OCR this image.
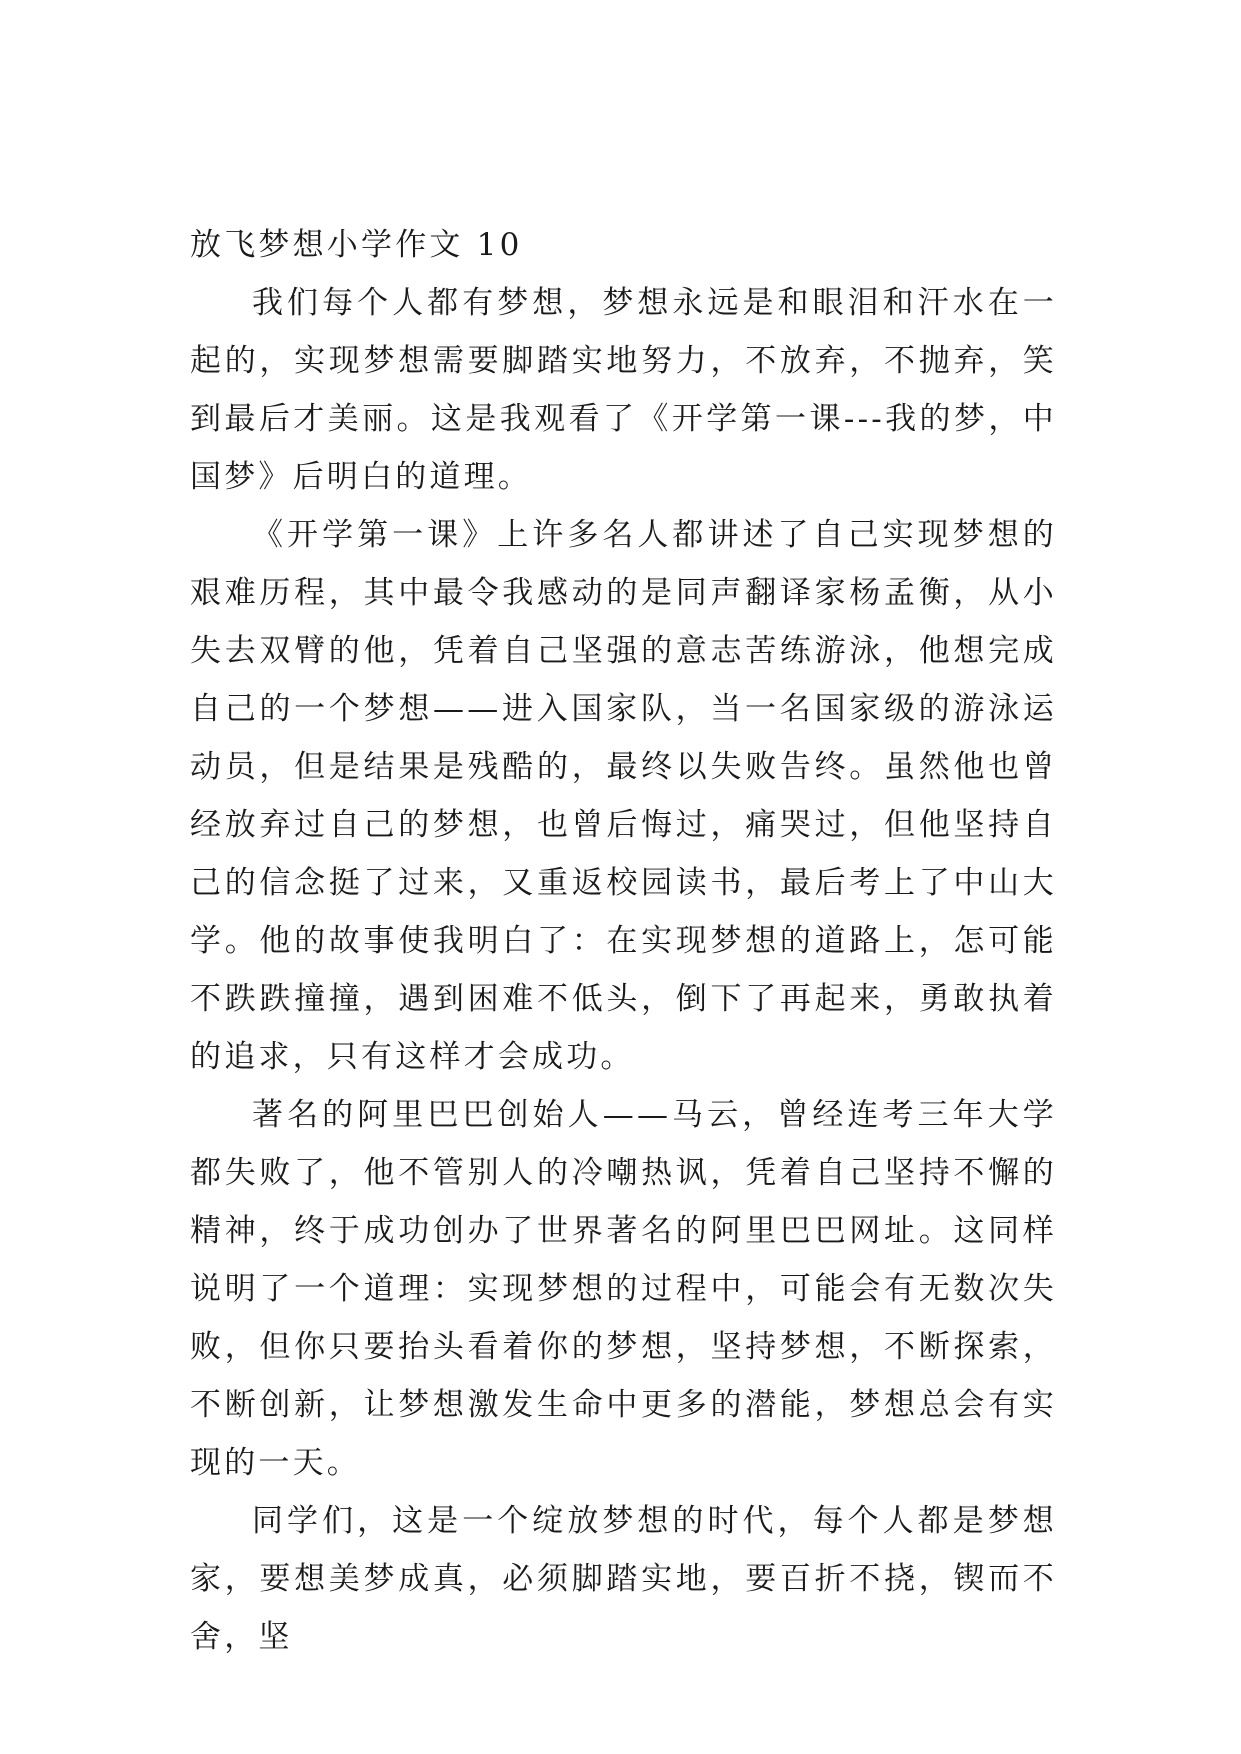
放飞梦想小学作文 10

我们每个人都有梦想，梦想永远是和眼泪和汗水在一起的，实现梦想需要脚踏实地努力，不放弃，不抛弃，笑到最后才美丽。这是我观看了《开学第一课---我的梦，中国梦》后明白的道理。

《开学第一课》上许多名人都讲述了自己实现梦想的艰难历程，其中最令我感动的是同声翻译家杨孟衡，从小失去双臂的他，凭着自己坚强的意志苦练游泳，他想完成自己的一个梦想——进入国家队，当一名国家级的游泳运动员，但是结果是残酷的，最终以失败告终。虽然他也曾经放弃过自己的梦想，也曾后悔过，痛哭过，但他坚持自己的信念挺了过来，又重返校园读书，最后考上了中山大学。他的故事使我明白了：在实现梦想的道路上，怎可能不跌跌撞撞，遇到困难不低头，倒下了再起来，勇敢执着的追求，只有这样才会成功。

著名的阿里巴巴创始人——马云，曾经连考三年大学都失败了，他不管别人的冷嘲热讽，凭着自己坚持不懈的精神，终于成功创办了世界著名的阿里巴巴网址。这同样说明了一个道理：实现梦想的过程中，可能会有无数次失败，但你只要抬头看着你的梦想，坚持梦想，不断探索，不断创新，让梦想激发生命中更多的潜能，梦想总会有实现的一天。

同学们，这是一个绽放梦想的时代，每个人都是梦想家，要想美梦成真，必须脚踏实地，要百折不挠，锲而不舍，坚
